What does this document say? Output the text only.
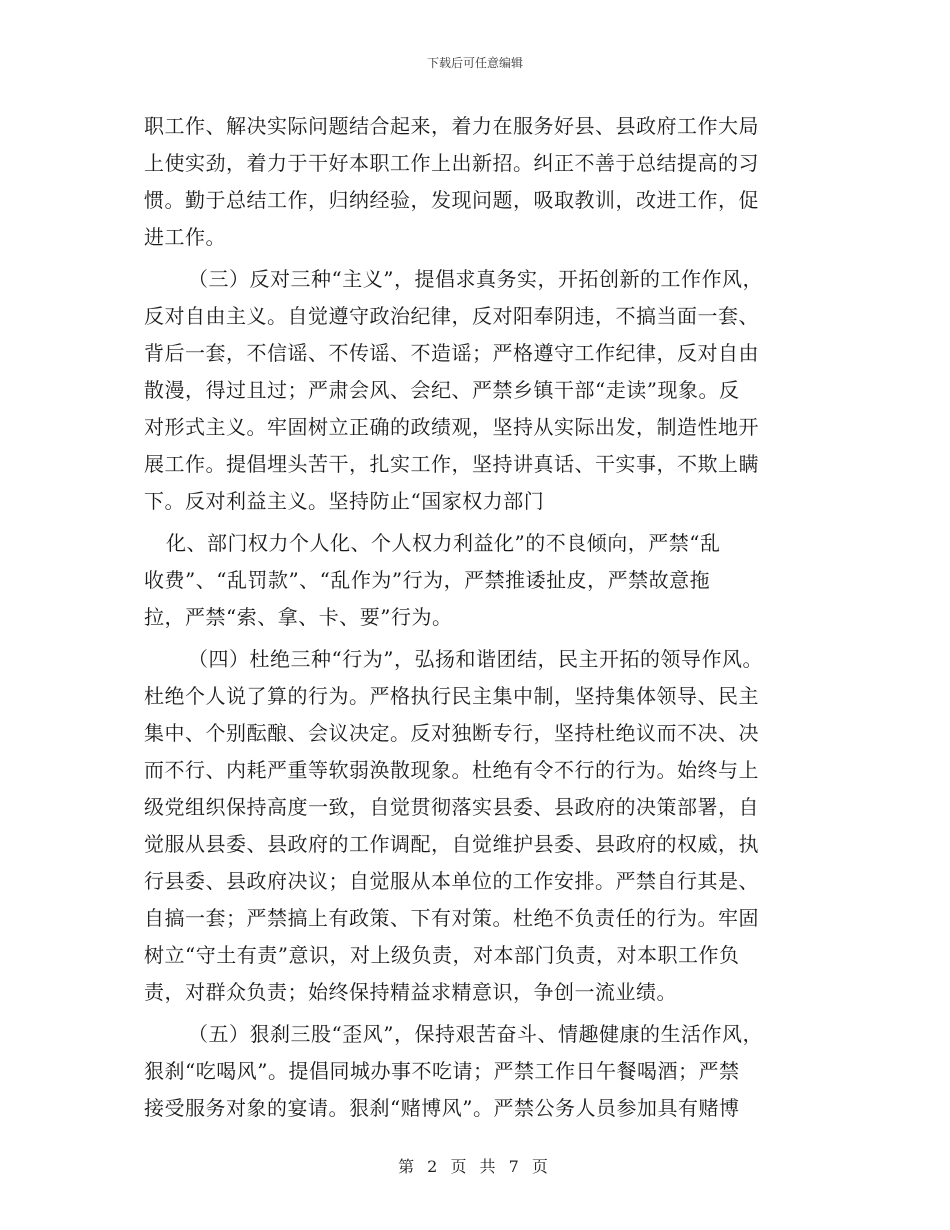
下载后可任意编辑
职工作、解决实际问题结合起来，着力在服务好县、县政府工作大局
上使实劲，着力于干好本职工作上出新招。纠正不善于总结提高的习
惯。勤于总结工作，归纳经验，发现问题，吸取教训，改进工作，促
进工作。
（三）反对三种“主义”，提倡求真务实，开拓创新的工作作风，
反对自由主义。自觉遵守政治纪律，反对阳奉阴违，不搞当面一套、
背后一套，不信谣、不传谣、不造谣；严格遵守工作纪律，反对自由
散漫，得过且过；严肃会风、会纪、严禁乡镇干部“走读”现象。反
对形式主义。牢固树立正确的政绩观，坚持从实际出发，制造性地开
展工作。提倡埋头苦干，扎实工作，坚持讲真话、干实事，不欺上瞒
下。反对利益主义。坚持防止“国家权力部门
化、部门权力个人化、个人权力利益化”的不良倾向，严禁“乱
收费”、“乱罚款”、“乱作为”行为，严禁推诿扯皮，严禁故意拖
拉，严禁“索、拿、卡、要”行为。
（四）杜绝三种“行为”，弘扬和谐团结，民主开拓的领导作风。
杜绝个人说了算的行为。严格执行民主集中制，坚持集体领导、民主
集中、个别酝酿、会议决定。反对独断专行，坚持杜绝议而不决、决
而不行、内耗严重等软弱涣散现象。杜绝有令不行的行为。始终与上
级党组织保持高度一致，自觉贯彻落实县委、县政府的决策部署，自
觉服从县委、县政府的工作调配，自觉维护县委、县政府的权威，执
行县委、县政府决议；自觉服从本单位的工作安排。严禁自行其是、
自搞一套；严禁搞上有政策、下有对策。杜绝不负责任的行为。牢固
树立“守土有责”意识，对上级负责，对本部门负责，对本职工作负
责，对群众负责；始终保持精益求精意识，争创一流业绩。
（五）狠刹三股“歪风”，保持艰苦奋斗、情趣健康的生活作风，
狠刹“吃喝风”。提倡同城办事不吃请；严禁工作日午餐喝酒；严禁
接受服务对象的宴请。狠刹“赌博风”。严禁公务人员参加具有赌博
第 2 页 共 7 页
